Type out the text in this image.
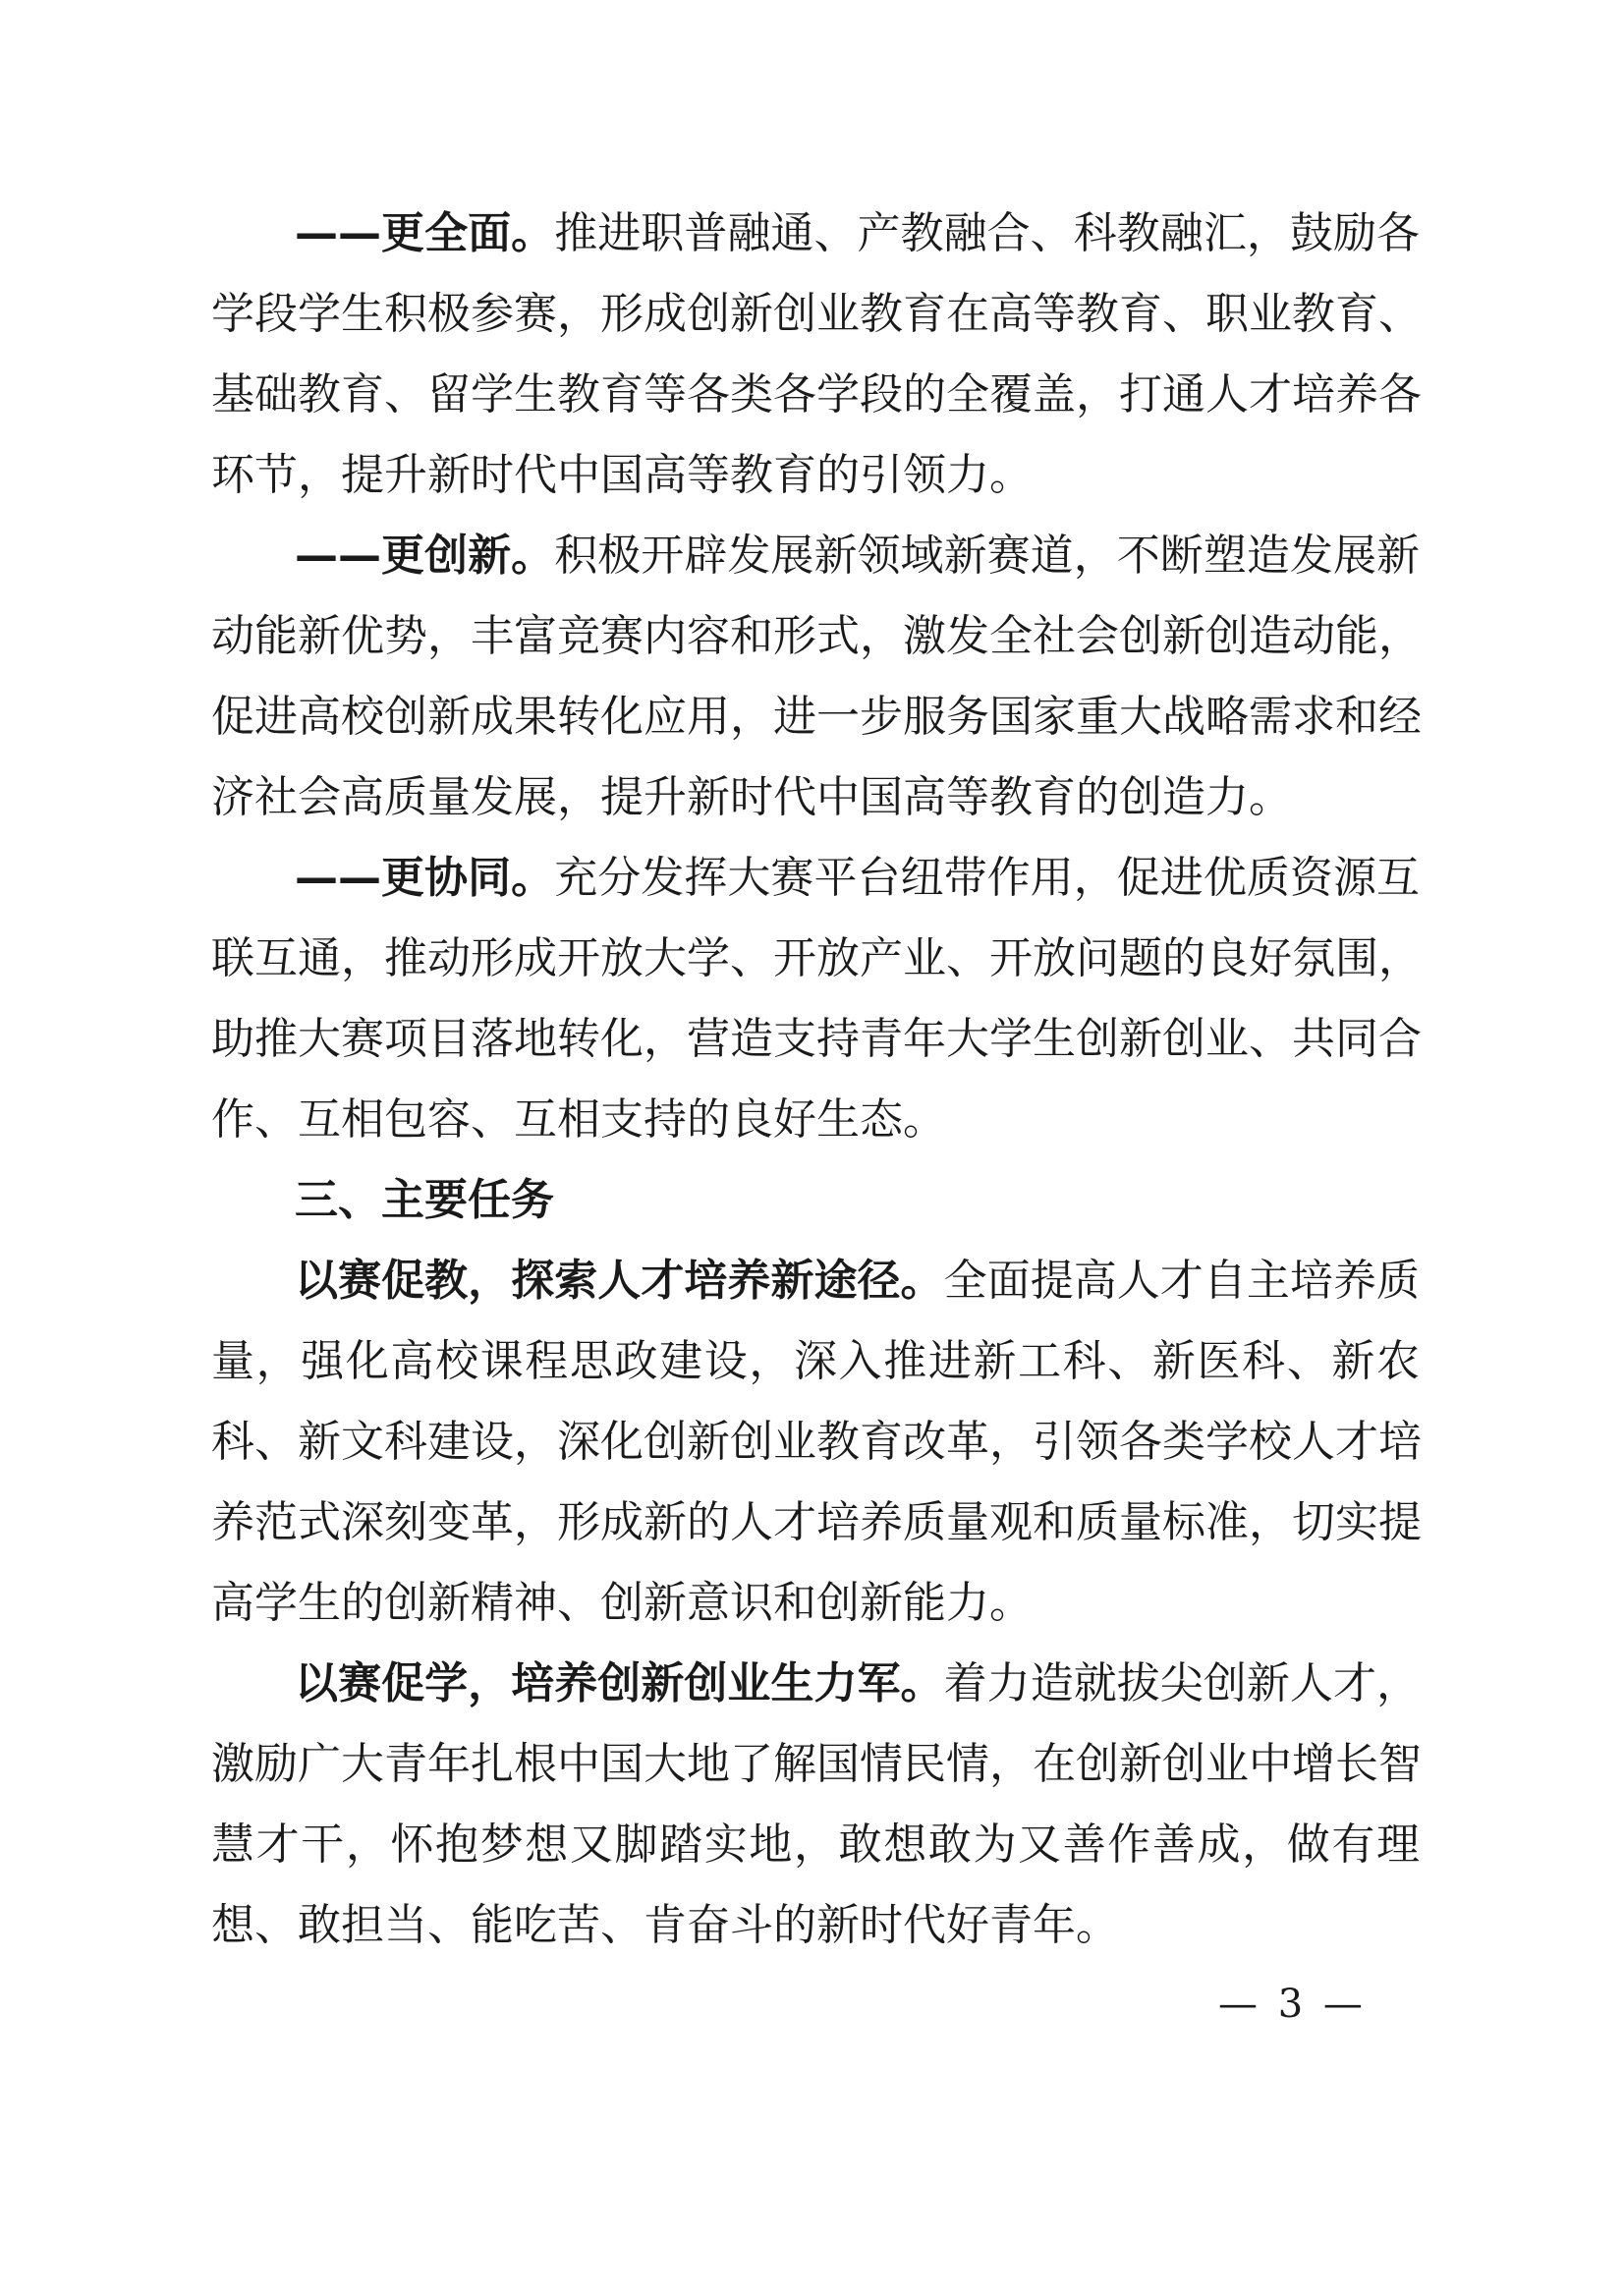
——更全面。推进职普融通、产教融合、科教融汇，鼓励各
学段学生积极参赛，形成创新创业教育在高等教育、职业教育、
基础教育、留学生教育等各类各学段的全覆盖，打通人才培养各
环节，提升新时代中国高等教育的引领力。
——更创新。积极开辟发展新领域新赛道，不断塑造发展新
动能新优势，丰富竞赛内容和形式，激发全社会创新创造动能，
促进高校创新成果转化应用，进一步服务国家重大战略需求和经
济社会高质量发展，提升新时代中国高等教育的创造力。
——更协同。充分发挥大赛平台纽带作用，促进优质资源互
联互通，推动形成开放大学、开放产业、开放问题的良好氛围，
助推大赛项目落地转化，营造支持青年大学生创新创业、共同合
作、互相包容、互相支持的良好生态。
三、主要任务
以赛促教，探索人才培养新途径。全面提高人才自主培养质
量，强化高校课程思政建设，深入推进新工科、新医科、新农
科、新文科建设，深化创新创业教育改革，引领各类学校人才培
养范式深刻变革，形成新的人才培养质量观和质量标准，切实提
高学生的创新精神、创新意识和创新能力。
以赛促学，培养创新创业生力军。着力造就拔尖创新人才，
激励广大青年扎根中国大地了解国情民情，在创新创业中增长智
慧才干，怀抱梦想又脚踏实地，敢想敢为又善作善成，做有理
想、敢担当、能吃苦、肯奋斗的新时代好青年。
— 3 —
